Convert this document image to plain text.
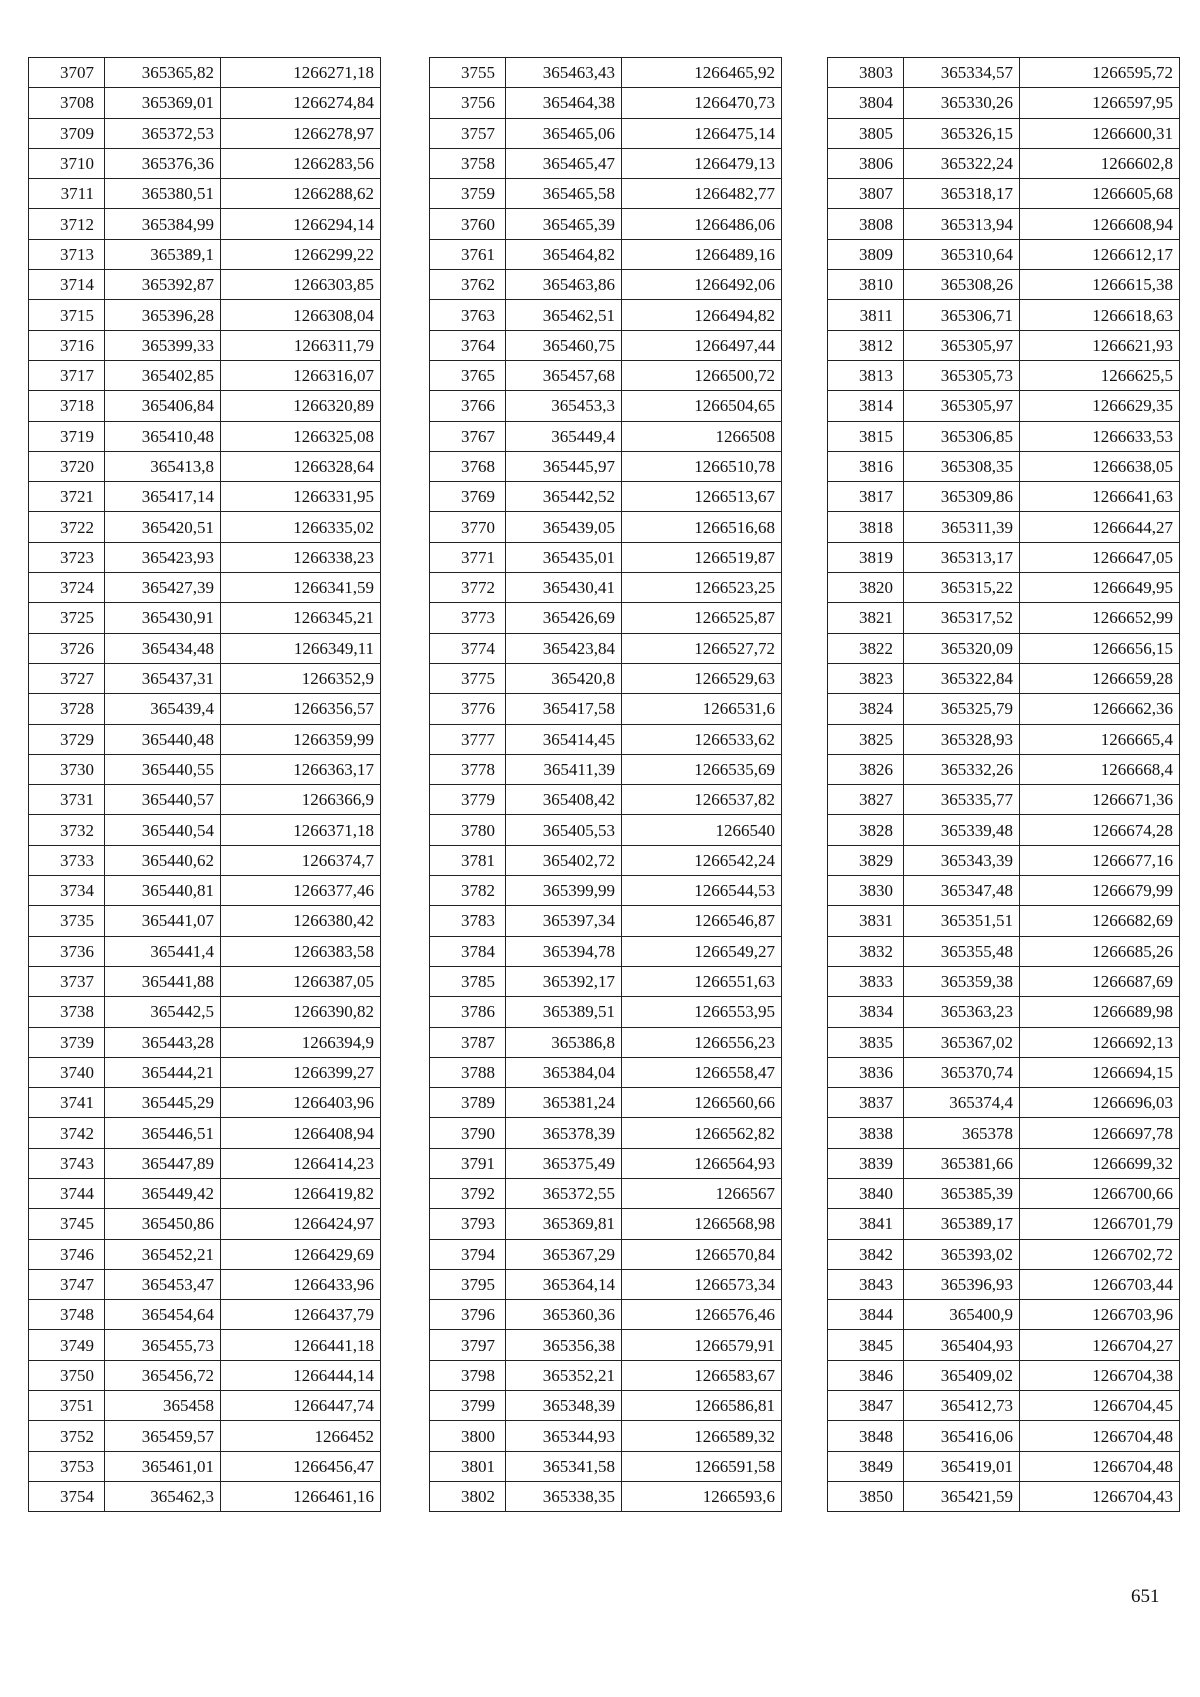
3707	365365,82	1266271,18
3708	365369,01	1266274,84
3709	365372,53	1266278,97
3710	365376,36	1266283,56
3711	365380,51	1266288,62
3712	365384,99	1266294,14
3713	365389,1	1266299,22
3714	365392,87	1266303,85
3715	365396,28	1266308,04
3716	365399,33	1266311,79
3717	365402,85	1266316,07
3718	365406,84	1266320,89
3719	365410,48	1266325,08
3720	365413,8	1266328,64
3721	365417,14	1266331,95
3722	365420,51	1266335,02
3723	365423,93	1266338,23
3724	365427,39	1266341,59
3725	365430,91	1266345,21
3726	365434,48	1266349,11
3727	365437,31	1266352,9
3728	365439,4	1266356,57
3729	365440,48	1266359,99
3730	365440,55	1266363,17
3731	365440,57	1266366,9
3732	365440,54	1266371,18
3733	365440,62	1266374,7
3734	365440,81	1266377,46
3735	365441,07	1266380,42
3736	365441,4	1266383,58
3737	365441,88	1266387,05
3738	365442,5	1266390,82
3739	365443,28	1266394,9
3740	365444,21	1266399,27
3741	365445,29	1266403,96
3742	365446,51	1266408,94
3743	365447,89	1266414,23
3744	365449,42	1266419,82
3745	365450,86	1266424,97
3746	365452,21	1266429,69
3747	365453,47	1266433,96
3748	365454,64	1266437,79
3749	365455,73	1266441,18
3750	365456,72	1266444,14
3751	365458	1266447,74
3752	365459,57	1266452
3753	365461,01	1266456,47
3754	365462,3	1266461,16
3755	365463,43	1266465,92
3756	365464,38	1266470,73
3757	365465,06	1266475,14
3758	365465,47	1266479,13
3759	365465,58	1266482,77
3760	365465,39	1266486,06
3761	365464,82	1266489,16
3762	365463,86	1266492,06
3763	365462,51	1266494,82
3764	365460,75	1266497,44
3765	365457,68	1266500,72
3766	365453,3	1266504,65
3767	365449,4	1266508
3768	365445,97	1266510,78
3769	365442,52	1266513,67
3770	365439,05	1266516,68
3771	365435,01	1266519,87
3772	365430,41	1266523,25
3773	365426,69	1266525,87
3774	365423,84	1266527,72
3775	365420,8	1266529,63
3776	365417,58	1266531,6
3777	365414,45	1266533,62
3778	365411,39	1266535,69
3779	365408,42	1266537,82
3780	365405,53	1266540
3781	365402,72	1266542,24
3782	365399,99	1266544,53
3783	365397,34	1266546,87
3784	365394,78	1266549,27
3785	365392,17	1266551,63
3786	365389,51	1266553,95
3787	365386,8	1266556,23
3788	365384,04	1266558,47
3789	365381,24	1266560,66
3790	365378,39	1266562,82
3791	365375,49	1266564,93
3792	365372,55	1266567
3793	365369,81	1266568,98
3794	365367,29	1266570,84
3795	365364,14	1266573,34
3796	365360,36	1266576,46
3797	365356,38	1266579,91
3798	365352,21	1266583,67
3799	365348,39	1266586,81
3800	365344,93	1266589,32
3801	365341,58	1266591,58
3802	365338,35	1266593,6
3803	365334,57	1266595,72
3804	365330,26	1266597,95
3805	365326,15	1266600,31
3806	365322,24	1266602,8
3807	365318,17	1266605,68
3808	365313,94	1266608,94
3809	365310,64	1266612,17
3810	365308,26	1266615,38
3811	365306,71	1266618,63
3812	365305,97	1266621,93
3813	365305,73	1266625,5
3814	365305,97	1266629,35
3815	365306,85	1266633,53
3816	365308,35	1266638,05
3817	365309,86	1266641,63
3818	365311,39	1266644,27
3819	365313,17	1266647,05
3820	365315,22	1266649,95
3821	365317,52	1266652,99
3822	365320,09	1266656,15
3823	365322,84	1266659,28
3824	365325,79	1266662,36
3825	365328,93	1266665,4
3826	365332,26	1266668,4
3827	365335,77	1266671,36
3828	365339,48	1266674,28
3829	365343,39	1266677,16
3830	365347,48	1266679,99
3831	365351,51	1266682,69
3832	365355,48	1266685,26
3833	365359,38	1266687,69
3834	365363,23	1266689,98
3835	365367,02	1266692,13
3836	365370,74	1266694,15
3837	365374,4	1266696,03
3838	365378	1266697,78
3839	365381,66	1266699,32
3840	365385,39	1266700,66
3841	365389,17	1266701,79
3842	365393,02	1266702,72
3843	365396,93	1266703,44
3844	365400,9	1266703,96
3845	365404,93	1266704,27
3846	365409,02	1266704,38
3847	365412,73	1266704,45
3848	365416,06	1266704,48
3849	365419,01	1266704,48
3850	365421,59	1266704,43
651
